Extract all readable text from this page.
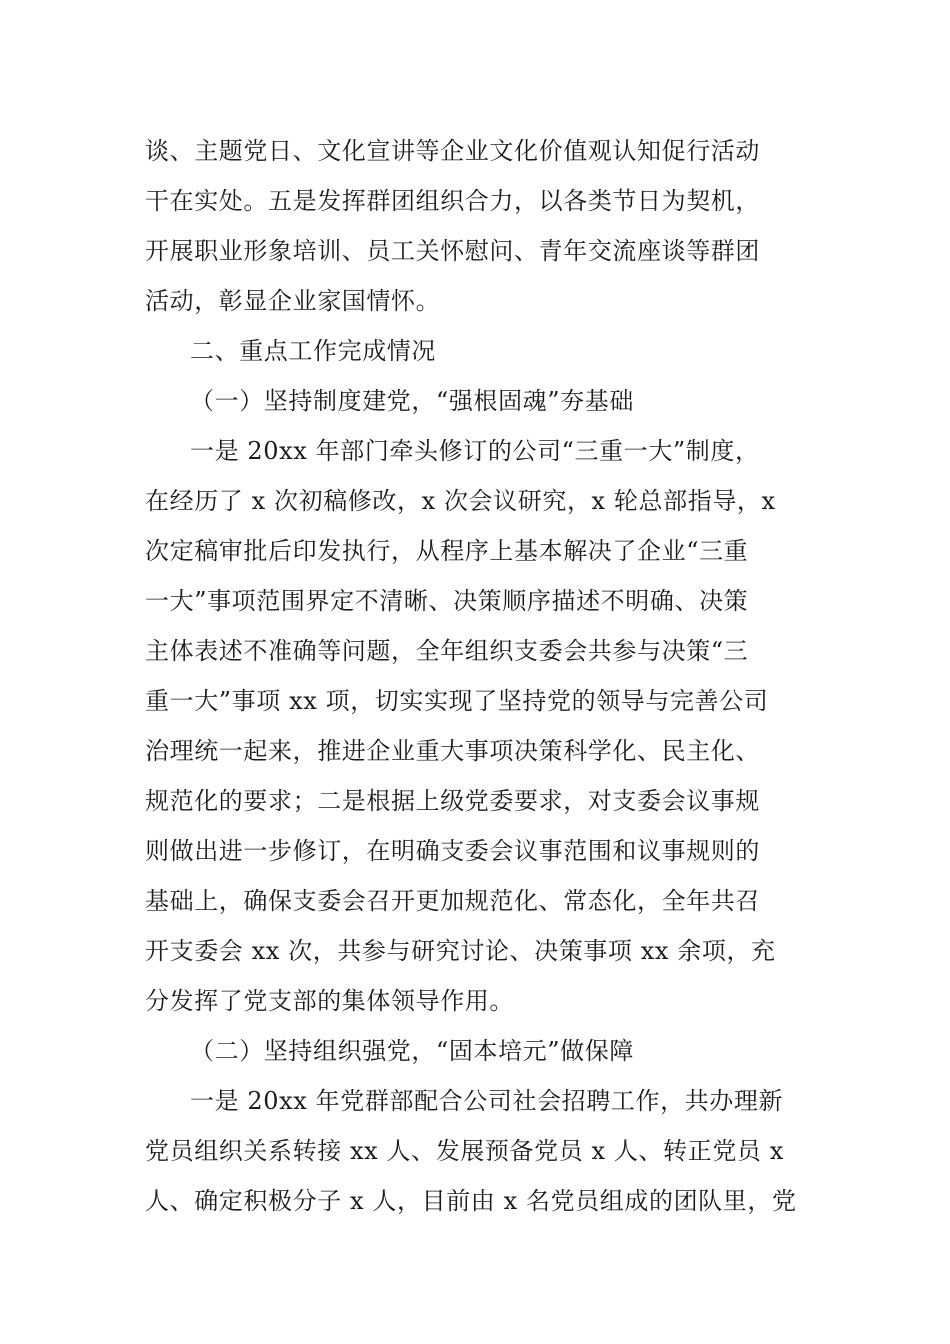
谈、主题党日、文化宣讲等企业文化价值观认知促行活动
干在实处。五是发挥群团组织合力，以各类节日为契机，
开展职业形象培训、员工关怀慰问、青年交流座谈等群团
活动，彰显企业家国情怀。
二、重点工作完成情况
（一）坚持制度建党，“强根固魂”夯基础
一是 20xx 年部门牵头修订的公司“三重一大”制度，
在经历了 x 次初稿修改，x 次会议研究，x 轮总部指导，x
次定稿审批后印发执行，从程序上基本解决了企业“三重
一大”事项范围界定不清晰、决策顺序描述不明确、决策
主体表述不准确等问题，全年组织支委会共参与决策“三
重一大”事项 xx 项，切实实现了坚持党的领导与完善公司
治理统一起来，推进企业重大事项决策科学化、民主化、
规范化的要求；二是根据上级党委要求，对支委会议事规
则做出进一步修订，在明确支委会议事范围和议事规则的
基础上，确保支委会召开更加规范化、常态化，全年共召
开支委会 xx 次，共参与研究讨论、决策事项 xx 余项，充
分发挥了党支部的集体领导作用。
（二）坚持组织强党，“固本培元”做保障
一是 20xx 年党群部配合公司社会招聘工作，共办理新
党员组织关系转接 xx 人、发展预备党员 x 人、转正党员 x
人、确定积极分子 x 人，目前由 x 名党员组成的团队里，党
